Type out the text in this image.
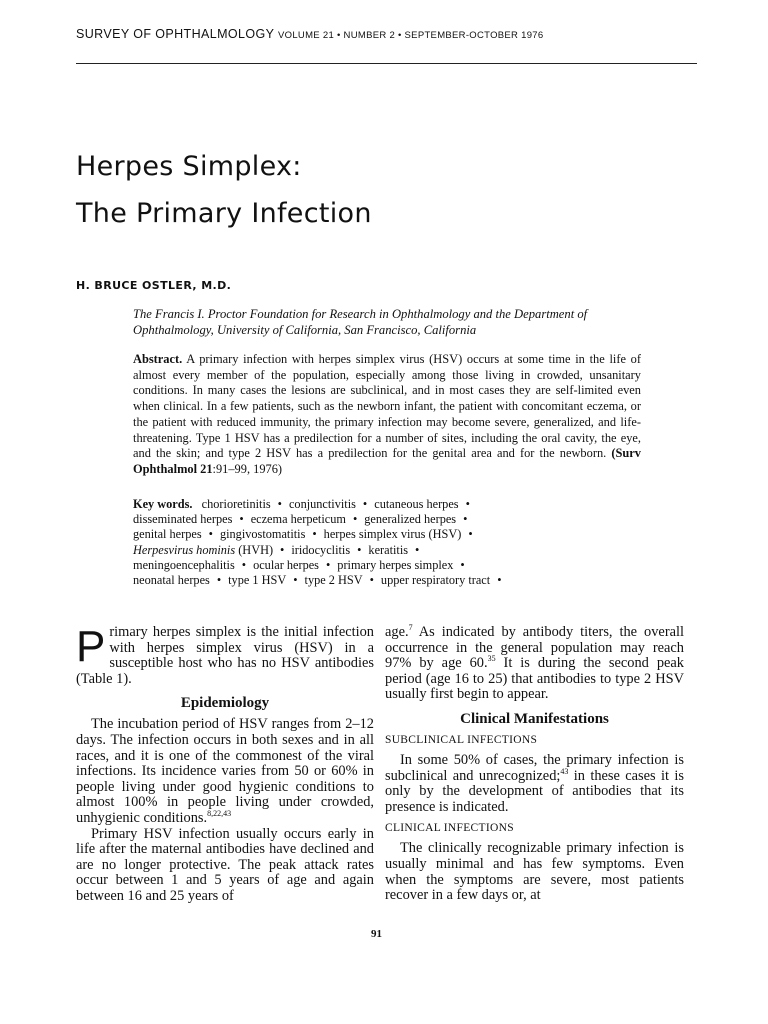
SURVEY OF OPHTHALMOLOGY VOLUME 21 • NUMBER 2 • SEPTEMBER-OCTOBER 1976
Herpes Simplex:
The Primary Infection
H. BRUCE OSTLER, M.D.
The Francis I. Proctor Foundation for Research in Ophthalmology and the Department of Ophthalmology, University of California, San Francisco, California
Abstract. A primary infection with herpes simplex virus (HSV) occurs at some time in the life of almost every member of the population, especially among those living in crowded, unsanitary conditions. In many cases the lesions are subclinical, and in most cases they are self-limited even when clinical. In a few patients, such as the newborn infant, the patient with concomitant eczema, or the patient with reduced immunity, the primary infection may become severe, generalized, and life-threatening. Type 1 HSV has a predilection for a number of sites, including the oral cavity, the eye, and the skin; and type 2 HSV has a predilection for the genital area and for the newborn. (Surv Ophthalmol 21:91–99, 1976)
Key words. chorioretinitis • conjunctivitis • cutaneous herpes •
disseminated herpes • eczema herpeticum • generalized herpes •
genital herpes • gingivostomatitis • herpes simplex virus (HSV) •
Herpesvirus hominis (HVH) • iridocyclitis • keratitis •
meningoencephalitis • ocular herpes • primary herpes simplex •
neonatal herpes • type 1 HSV • type 2 HSV • upper respiratory tract •

Primary herpes simplex is the initial infection with herpes simplex virus (HSV) in a susceptible host who has no HSV antibodies (Table 1).

Epidemiology

The incubation period of HSV ranges from 2–12 days. The infection occurs in both sexes and in all races, and it is one of the commonest of the viral infections. Its incidence varies from 50 or 60% in people living under good hygienic conditions to almost 100% in people living under crowded, unhygienic conditions.$^{8,22,43}$

Primary HSV infection usually occurs early in life after the maternal antibodies have declined and are no longer protective. The peak attack rates occur between 1 and 5 years of age and again between 16 and 25 years of

age.$^7$ As indicated by antibody titers, the overall occurrence in the general population may reach 97% by age 60.35 It is during the second peak period (age 16 to 25) that antibodies to type 2 HSV usually first begin to appear.

Clinical Manifestations
SUBCLINICAL INFECTIONS

In some 50% of cases, the primary infection is subclinical and unrecognized;$^{43}$ in these cases it is only by the development of antibodies that its presence is indicated.

CLINICAL INFECTIONS

The clinically recognizable primary infection is usually minimal and has few symptoms. Even when the symptoms are severe, most patients recover in a few days or, at

91
